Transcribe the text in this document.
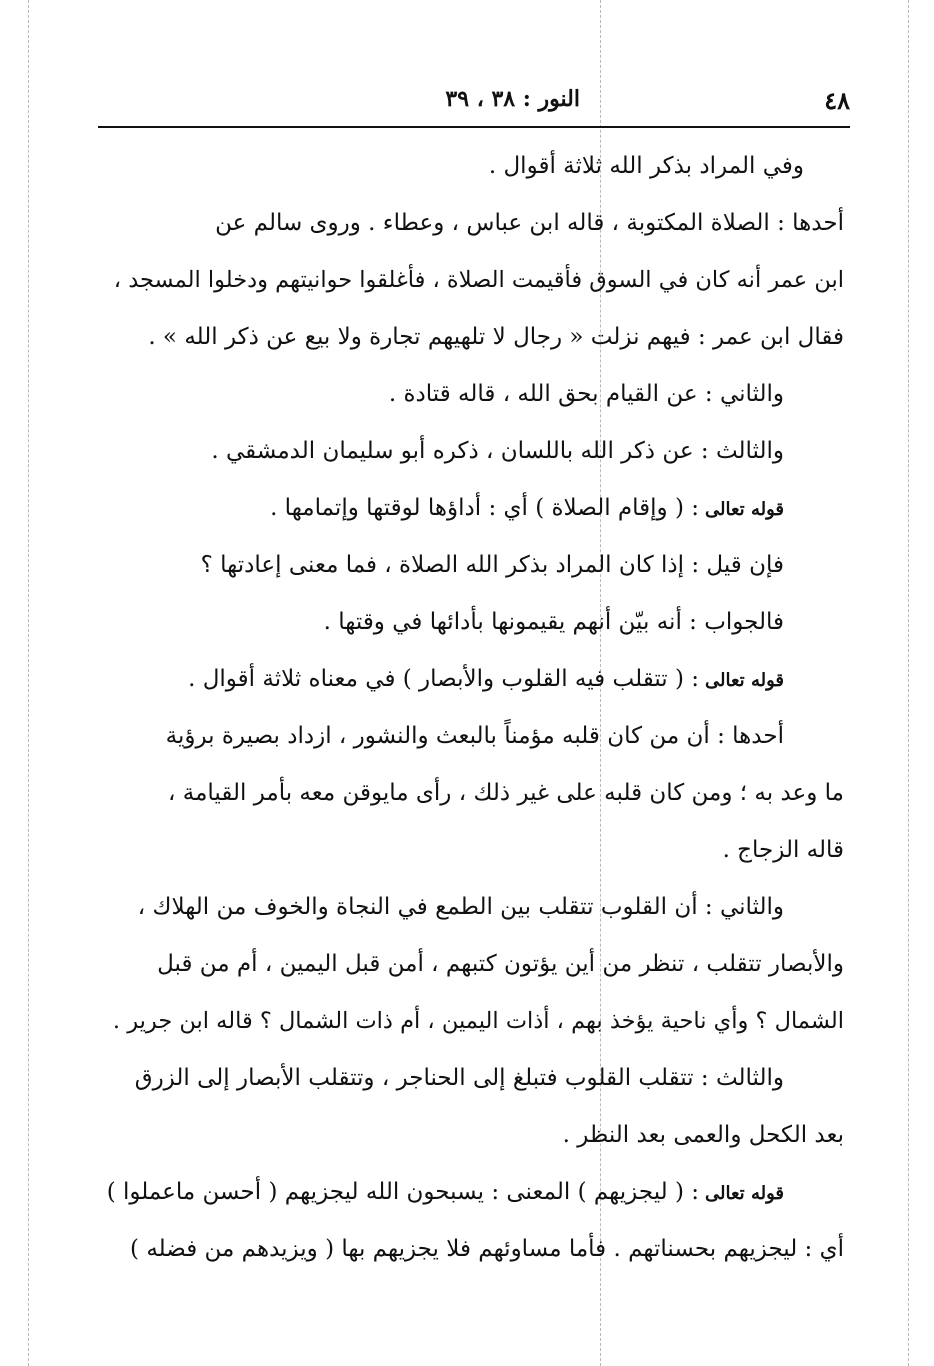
٤٨
النور : ٣٨ ، ٣٩
وفي المراد بذكر الله ثلاثة أقوال .
أحدها : الصلاة المكتوبة ، قاله ابن عباس ، وعطاء . وروى سالم عن
ابن عمر أنه كان في السوق فأقيمت الصلاة ، فأغلقوا حوانيتهم ودخلوا المسجد ،
فقال ابن عمر : فيهم نزلت « رجال لا تلهيهم تجارة ولا بيع عن ذكر الله » .
والثاني : عن القيام بحق الله ، قاله قتادة .
والثالث : عن ذكر الله باللسان ، ذكره أبو سليمان الدمشقي .
قوله تعالى: ( وإقام الصلاة ) أي : أداؤها لوقتها وإتمامها .
فإن قيل : إذا كان المراد بذكر الله الصلاة ، فما معنى إعادتها ؟
فالجواب : أنه بيّن أنهم يقيمونها بأدائها في وقتها .
قوله تعالى: ( تتقلب فيه القلوب والأبصار ) في معناه ثلاثة أقوال .
أحدها : أن من كان قلبه مؤمناً بالبعث والنشور ، ازداد بصيرة برؤية
ما وعد به ؛ ومن كان قلبه على غير ذلك ، رأى مايوقن معه بأمر القيامة ،
قاله الزجاج .
والثاني : أن القلوب تتقلب بين الطمع في النجاة والخوف من الهلاك ،
والأبصار تتقلب ، تنظر من أين يؤتون كتبهم ، أمن قبل اليمين ، أم من قبل
الشمال ؟ وأي ناحية يؤخذ بهم ، أذات اليمين ، أم ذات الشمال ؟ قاله ابن جرير .
والثالث : تتقلب القلوب فتبلغ إلى الحناجر ، وتتقلب الأبصار إلى الزرق
بعد الكحل والعمى بعد النظر .
قوله تعالى: ( ليجزيهم ) المعنى : يسبحون الله ليجزيهم ( أحسن ماعملوا )
أي : ليجزيهم بحسناتهم . فأما مساوئهم فلا يجزيهم بها ( ويزيدهم من فضله )
